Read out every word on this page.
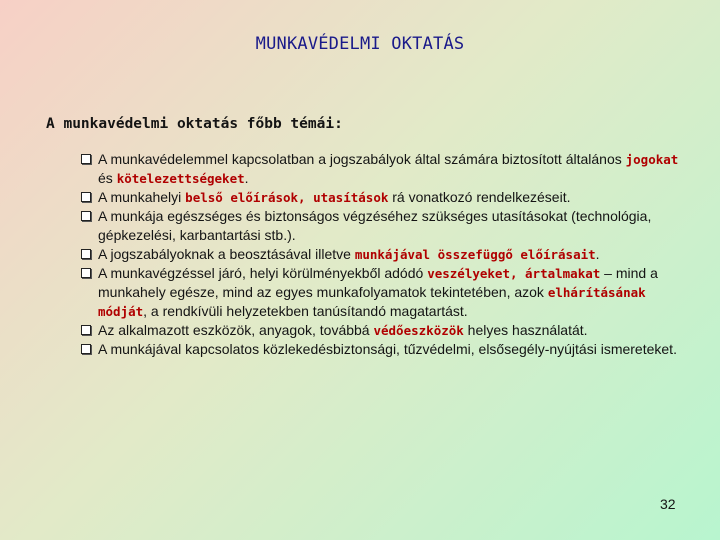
MUNKAVÉDELMI OKTATÁS
A munkavédelmi oktatás főbb témái:
A munkavédelemmel kapcsolatban a jogszabályok által számára biztosított általános jogokat és kötelezettségeket.
A munkahelyi belső előírások, utasítások rá vonatkozó rendelkezéseit.
A munkája egészséges és biztonságos végzéséhez szükséges utasításokat (technológia, gépkezelési, karbantartási stb.).
A jogszabályoknak a beosztásával illetve munkájával összefüggő előírásait.
A munkavégzéssel járó, helyi körülményekből adódó veszélyeket, ártalmakat – mind a munkahely egésze, mind az egyes munkafolyamatok tekintetében, azok elhárításának módját, a rendkívüli helyzetekben tanúsítandó magatartást.
Az alkalmazott eszközök, anyagok, továbbá védőeszközök helyes használatát.
A munkájával kapcsolatos közlekedésbiztonsági, tűzvédelmi, elsősegély-nyújtási ismereteket.
32
